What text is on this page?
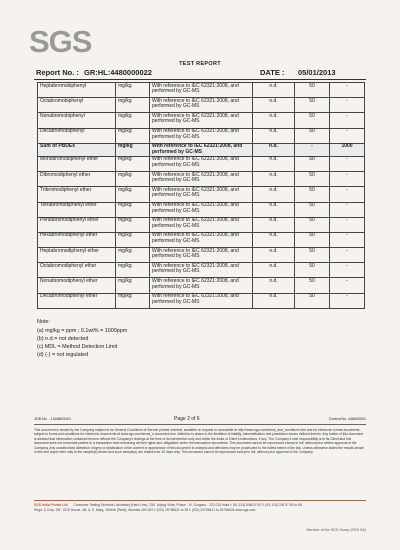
SGS
TEST REPORT
Report No. : GR:HL:4480000022	DATE : 05/01/2013
Heptabromobiphenyl	mg/kg	With reference to IEC 62321:2008, and performed by GC-MS	n.d.	50	-
Octabromobiphenyl	mg/kg	With reference to IEC 62321:2008, and performed by GC-MS	n.d.	50	-
Nonabromobiphenyl	mg/kg	With reference to IEC 62321:2008, and performed by GC-MS	n.d.	50	-
Decabromobiphenyl	mg/kg	With reference to IEC 62321:2008, and performed by GC-MS	n.d.	50	-
Sum of PBDEs	mg/kg	With reference to IEC 62321:2008, and performed by GC-MS	n.d.	-	1000
Monobromodiphenyl ether	mg/kg	With reference to IEC 62321:2008, and performed by GC-MS	n.d.	50	-
Dibromodiphenyl ether	mg/kg	With reference to IEC 62321:2008, and performed by GC-MS	n.d.	50	-
Tribromodiphenyl ether	mg/kg	With reference to IEC 62321:2008, and performed by GC-MS	n.d.	50	-
Tetrabromodiphenyl ether	mg/kg	With reference to IEC 62321:2008, and performed by GC-MS	n.d.	50	-
Pentabromodiphenyl ether	mg/kg	With reference to IEC 62321:2008, and performed by GC-MS	n.d.	50	-
Hexabromodiphenyl ether	mg/kg	With reference to IEC 62321:2008, and performed by GC-MS	n.d.	50	-
Heptabromodiphenyl ether	mg/kg	With reference to IEC 62321:2008, and performed by GC-MS	n.d.	50	-
Octabromodiphenyl ether	mg/kg	With reference to IEC 62321:2008, and performed by GC-MS	n.d.	50	-
Nonabromodiphenyl ether	mg/kg	With reference to IEC 62321:2008, and performed by GC-MS	n.d.	50	-
Decabromodiphenyl ether	mg/kg	With reference to IEC 62321:2008, and performed by GC-MS	n.d.	50	-
Note:
(a) mg/kg = ppm ; 0.1wt% = 1000ppm
(b) n.d.= not detected
(c) MDL = Method Detection Limit
(d) (-) = not regulated
JOB No. : 1348800010	Page 2 of 6	Control No. 448000001
This document is issued by the Company subject to its General Conditions of Service printed overleaf, available on request or accessible at http://www.sgs.com/terms_and_conditions.htm and for electronic format documents, subject to terms and conditions for electronic documents at www.sgs.com/terms_e-document.htm. Attention is drawn to the limitation of liability, indemnification and jurisdiction issues defined therein. Any holder of this document is advised that information contained hereon reflects the Company's findings at the time of its intervention only and within the limits of Client's instructions, if any. The Company's sole responsibility is to its Client and this document does not exonerate parties to a transaction from exercising all their rights and obligations under the transaction documents. This document cannot be reproduced except in full, without prior written approval of the Company. Any unauthorized alteration, forgery or falsification of the content or appearance of this document is unlawful and offenders may be prosecuted to the fullest extent of the law. Unless otherwise stated the results shown in this test report refer only to the sample(s) tested and such sample(s) are retained for 30 days only. This document cannot be reproduced except in full, without prior approval of the Company.
SGS India Private Ltd. Consumer Testing Services Laboratory (Hard Line), 250, Udyog Vihar, Phase - IV, Gurgaon - 122 015 India t: (91-124) 6060 0747 f: (91-124) 226 97 63 to 66
Regd. & Corp. Off.: SGS House, 4B, A. S. Marg, Vikhroli (West), Mumbai 400 083 t: (022) 25798421 to 28 f: (022) 25798421 to 25798426 www.sgs.com
Member of the SGS Group (SGS SA)
